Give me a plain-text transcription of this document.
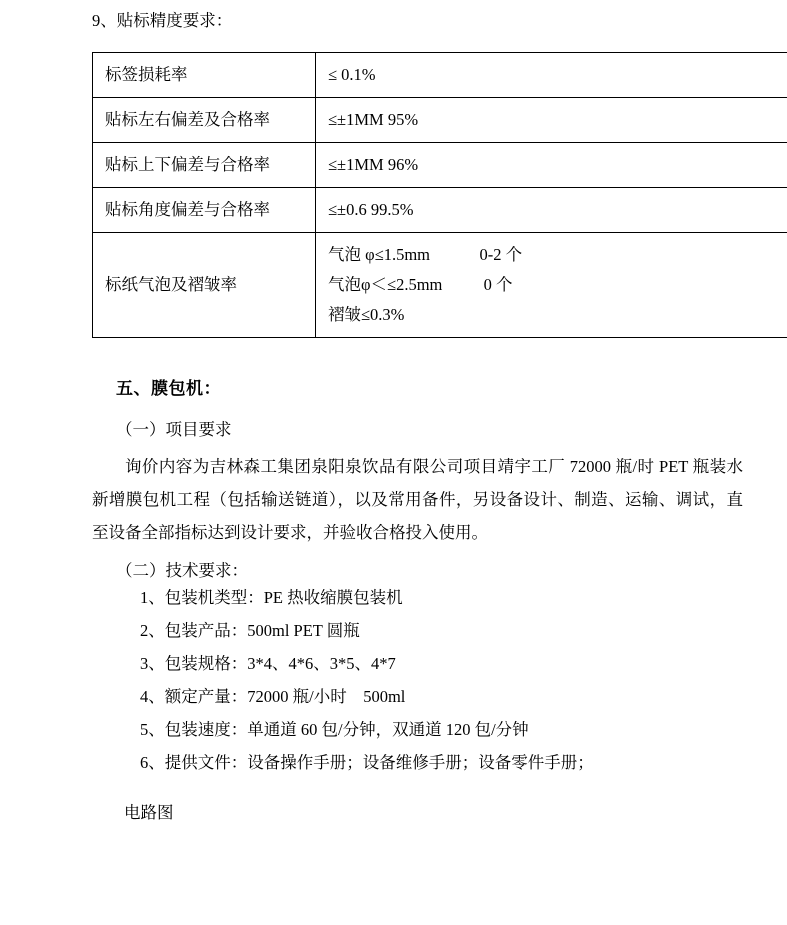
9、贴标精度要求：

标签损耗率	≤ 0.1%
贴标左右偏差及合格率	≤±1MM 95%
贴标上下偏差与合格率	≤±1MM 96%
贴标角度偏差与合格率	≤±0.6 99.5%
标纸气泡及褶皱率	气泡 φ≤1.5mm            0-2 个
气泡φ＜≤2.5mm          0 个
褶皱≤0.3%

五、膜包机：

（一）项目要求

询价内容为吉林森工集团泉阳泉饮品有限公司项目靖宇工厂 72000 瓶/时 PET 瓶装水新增膜包机工程（包括输送链道），以及常用备件，另设备设计、制造、运输、调试，直至设备全部指标达到设计要求，并验收合格投入使用。

（二）技术要求：

1、包装机类型：PE 热收缩膜包装机
2、包装产品：500ml PET 圆瓶
3、包装规格：3*4、4*6、3*5、4*7
4、额定产量：72000 瓶/小时    500ml
5、包装速度：单通道 60 包/分钟，双通道 120 包/分钟
6、提供文件：设备操作手册；设备维修手册；设备零件手册；

电路图
